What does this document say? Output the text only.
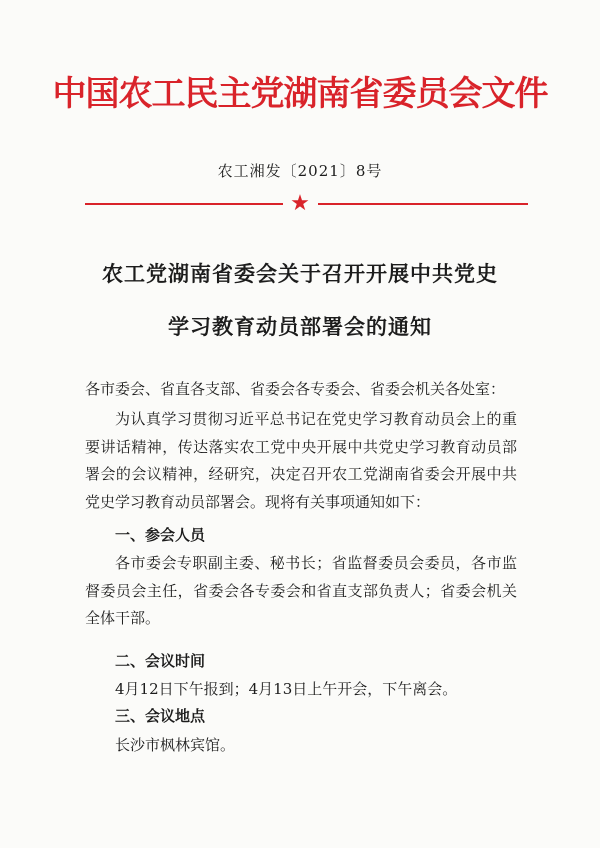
中国农工民主党湖南省委员会文件
农工湘发〔2021〕8号
★
农工党湖南省委会关于召开开展中共党史
学习教育动员部署会的通知
各市委会、省直各支部、省委会各专委会、省委会机关各处室：
为认真学习贯彻习近平总书记在党史学习教育动员会上的重要讲话精神，传达落实农工党中央开展中共党史学习教育动员部署会的会议精神，经研究，决定召开农工党湖南省委会开展中共党史学习教育动员部署会。现将有关事项通知如下：
一、参会人员
各市委会专职副主委、秘书长；省监督委员会委员，各市监督委员会主任，省委会各专委会和省直支部负责人；省委会机关全体干部。
二、会议时间
4月12日下午报到；4月13日上午开会，下午离会。
三、会议地点
长沙市枫林宾馆。
